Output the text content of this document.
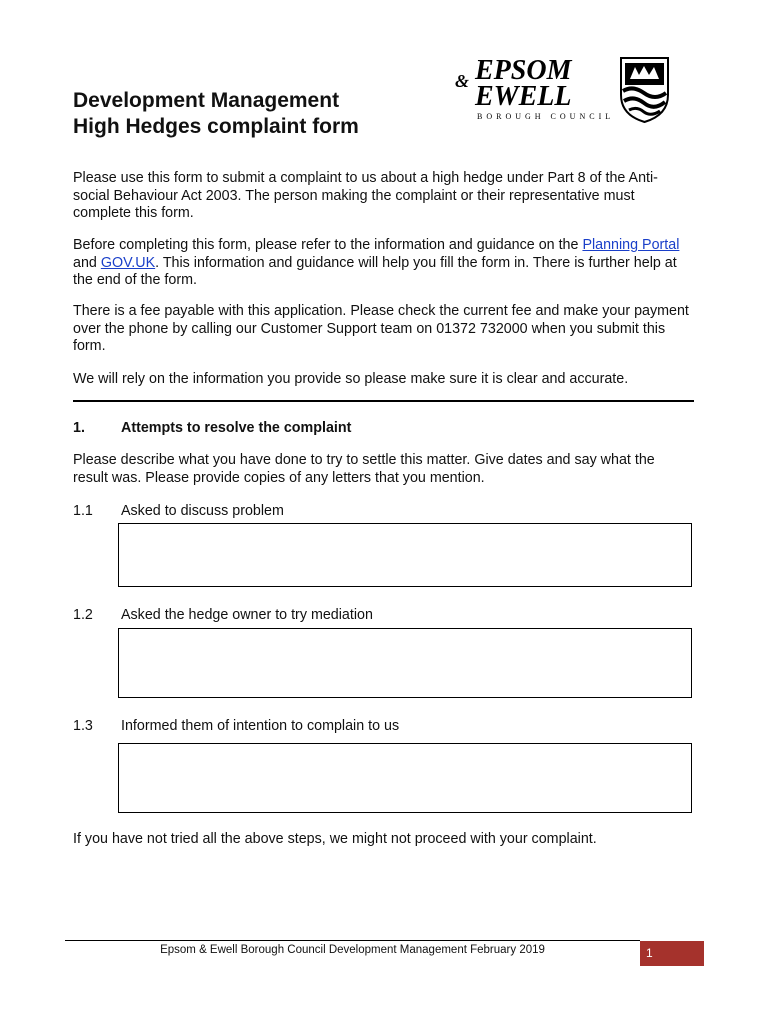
Development Management
High Hedges complaint form
& EPSOM
EWELL
BOROUGH COUNCIL
Please use this form to submit a complaint to us about a high hedge under Part 8 of the Anti-social Behaviour Act 2003. The person making the complaint or their representative must complete this form.
Before completing this form, please refer to the information and guidance on the Planning Portal and GOV.UK. This information and guidance will help you fill the form in. There is further help at the end of the form.
There is a fee payable with this application. Please check the current fee and make your payment over the phone by calling our Customer Support team on 01372 732000 when you submit this form.
We will rely on the information you provide so please make sure it is clear and accurate.
1.	Attempts to resolve the complaint
Please describe what you have done to try to settle this matter. Give dates and say what the result was. Please provide copies of any letters that you mention.
1.1 Asked to discuss problem
1.2 Asked the hedge owner to try mediation
1.3 Informed them of intention to complain to us
If you have not tried all the above steps, we might not proceed with your complaint.
Epsom & Ewell Borough Council Development Management February 2019	1
